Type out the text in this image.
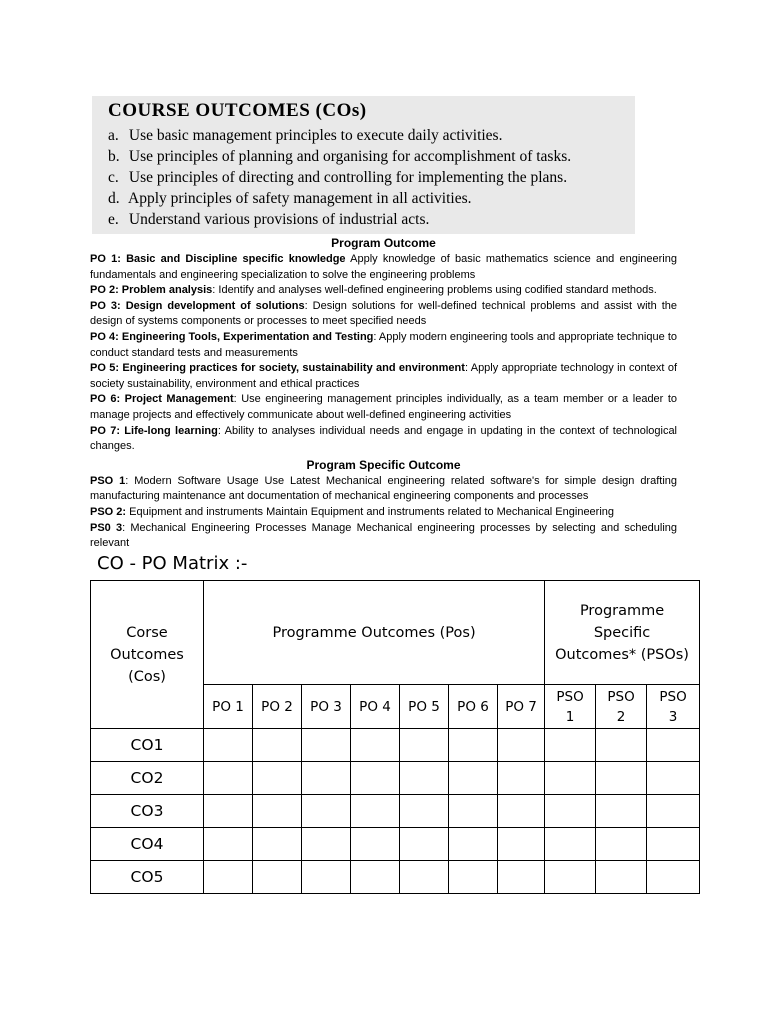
COURSE OUTCOMES (COs)
a. Use basic management principles to execute daily activities.
b. Use principles of planning and organising for accomplishment of tasks.
c. Use principles of directing and controlling for implementing the plans.
d. Apply principles of safety management in all activities.
e. Understand various provisions of industrial acts.
Program Outcome

PO 1: Basic and Discipline specific knowledge Apply knowledge of basic mathematics science and engineering fundamentals and engineering specialization to solve the engineering problems

PO 2: Problem analysis: Identify and analyses well-defined engineering problems using codified standard methods.

PO 3: Design development of solutions: Design solutions for well-defined technical problems and assist with the design of systems components or processes to meet specified needs

PO 4: Engineering Tools, Experimentation and Testing: Apply modern engineering tools and appropriate technique to conduct standard tests and measurements

PO 5: Engineering practices for society, sustainability and environment: Apply appropriate technology in context of society sustainability, environment and ethical practices

PO 6: Project Management: Use engineering management principles individually, as a team member or a leader to manage projects and effectively communicate about well-defined engineering activities

PO 7: Life-long learning: Ability to analyses individual needs and engage in updating in the context of technological changes.

Program Specific Outcome

PSO 1: Modern Software Usage Use Latest Mechanical engineering related software's for simple design drafting manufacturing maintenance ant documentation of mechanical engineering components and processes

PSO 2: Equipment and instruments Maintain Equipment and instruments related to Mechanical Engineering

PS0 3: Mechanical Engineering Processes Manage Mechanical engineering processes by selecting and scheduling relevant

CO - PO Matrix :-
Corse Outcomes (Cos)	Programme Outcomes (Pos)							Programme Specific Outcomes* (PSOs)		

	PO 1	PO 2	PO 3	PO 4	PO 5	PO 6	PO 7	PSO 1	PSO 2	PSO 3

CO1										
CO2										
CO3										
CO4										
CO5										
